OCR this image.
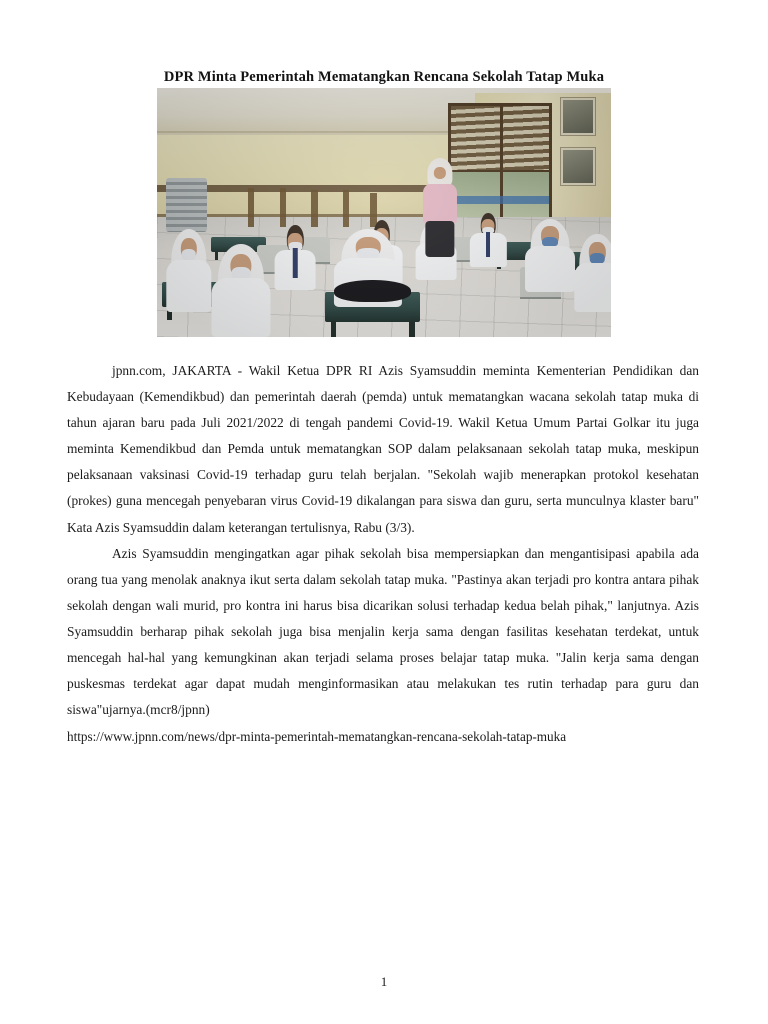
DPR Minta Pemerintah Mematangkan Rencana Sekolah Tatap Muka

jpnn.com, JAKARTA - Wakil Ketua DPR RI Azis Syamsuddin meminta Kementerian Pendidikan dan Kebudayaan (Kemendikbud) dan pemerintah daerah (pemda) untuk mematangkan wacana sekolah tatap muka di tahun ajaran baru pada Juli 2021/2022 di tengah pandemi Covid-19. Wakil Ketua Umum Partai Golkar itu juga meminta Kemendikbud dan Pemda untuk mematangkan SOP dalam pelaksanaan sekolah tatap muka, meskipun pelaksanaan vaksinasi Covid-19 terhadap guru telah berjalan. "Sekolah wajib menerapkan protokol kesehatan (prokes) guna mencegah penyebaran virus Covid-19 dikalangan para siswa dan guru, serta munculnya klaster baru" Kata Azis Syamsuddin dalam keterangan tertulisnya, Rabu (3/3).

Azis Syamsuddin mengingatkan agar pihak sekolah bisa mempersiapkan dan mengantisipasi apabila ada orang tua yang menolak anaknya ikut serta dalam sekolah tatap muka. "Pastinya akan terjadi pro kontra antara pihak sekolah dengan wali murid, pro kontra ini harus bisa dicarikan solusi terhadap kedua belah pihak," lanjutnya. Azis Syamsuddin berharap pihak sekolah juga bisa menjalin kerja sama dengan fasilitas kesehatan terdekat, untuk mencegah hal-hal yang kemungkinan akan terjadi selama proses belajar tatap muka. "Jalin kerja sama dengan puskesmas terdekat agar dapat mudah menginformasikan atau melakukan tes rutin terhadap para guru dan siswa"ujarnya.(mcr8/jpnn)

https://www.jpnn.com/news/dpr-minta-pemerintah-mematangkan-rencana-sekolah-tatap-muka
1
